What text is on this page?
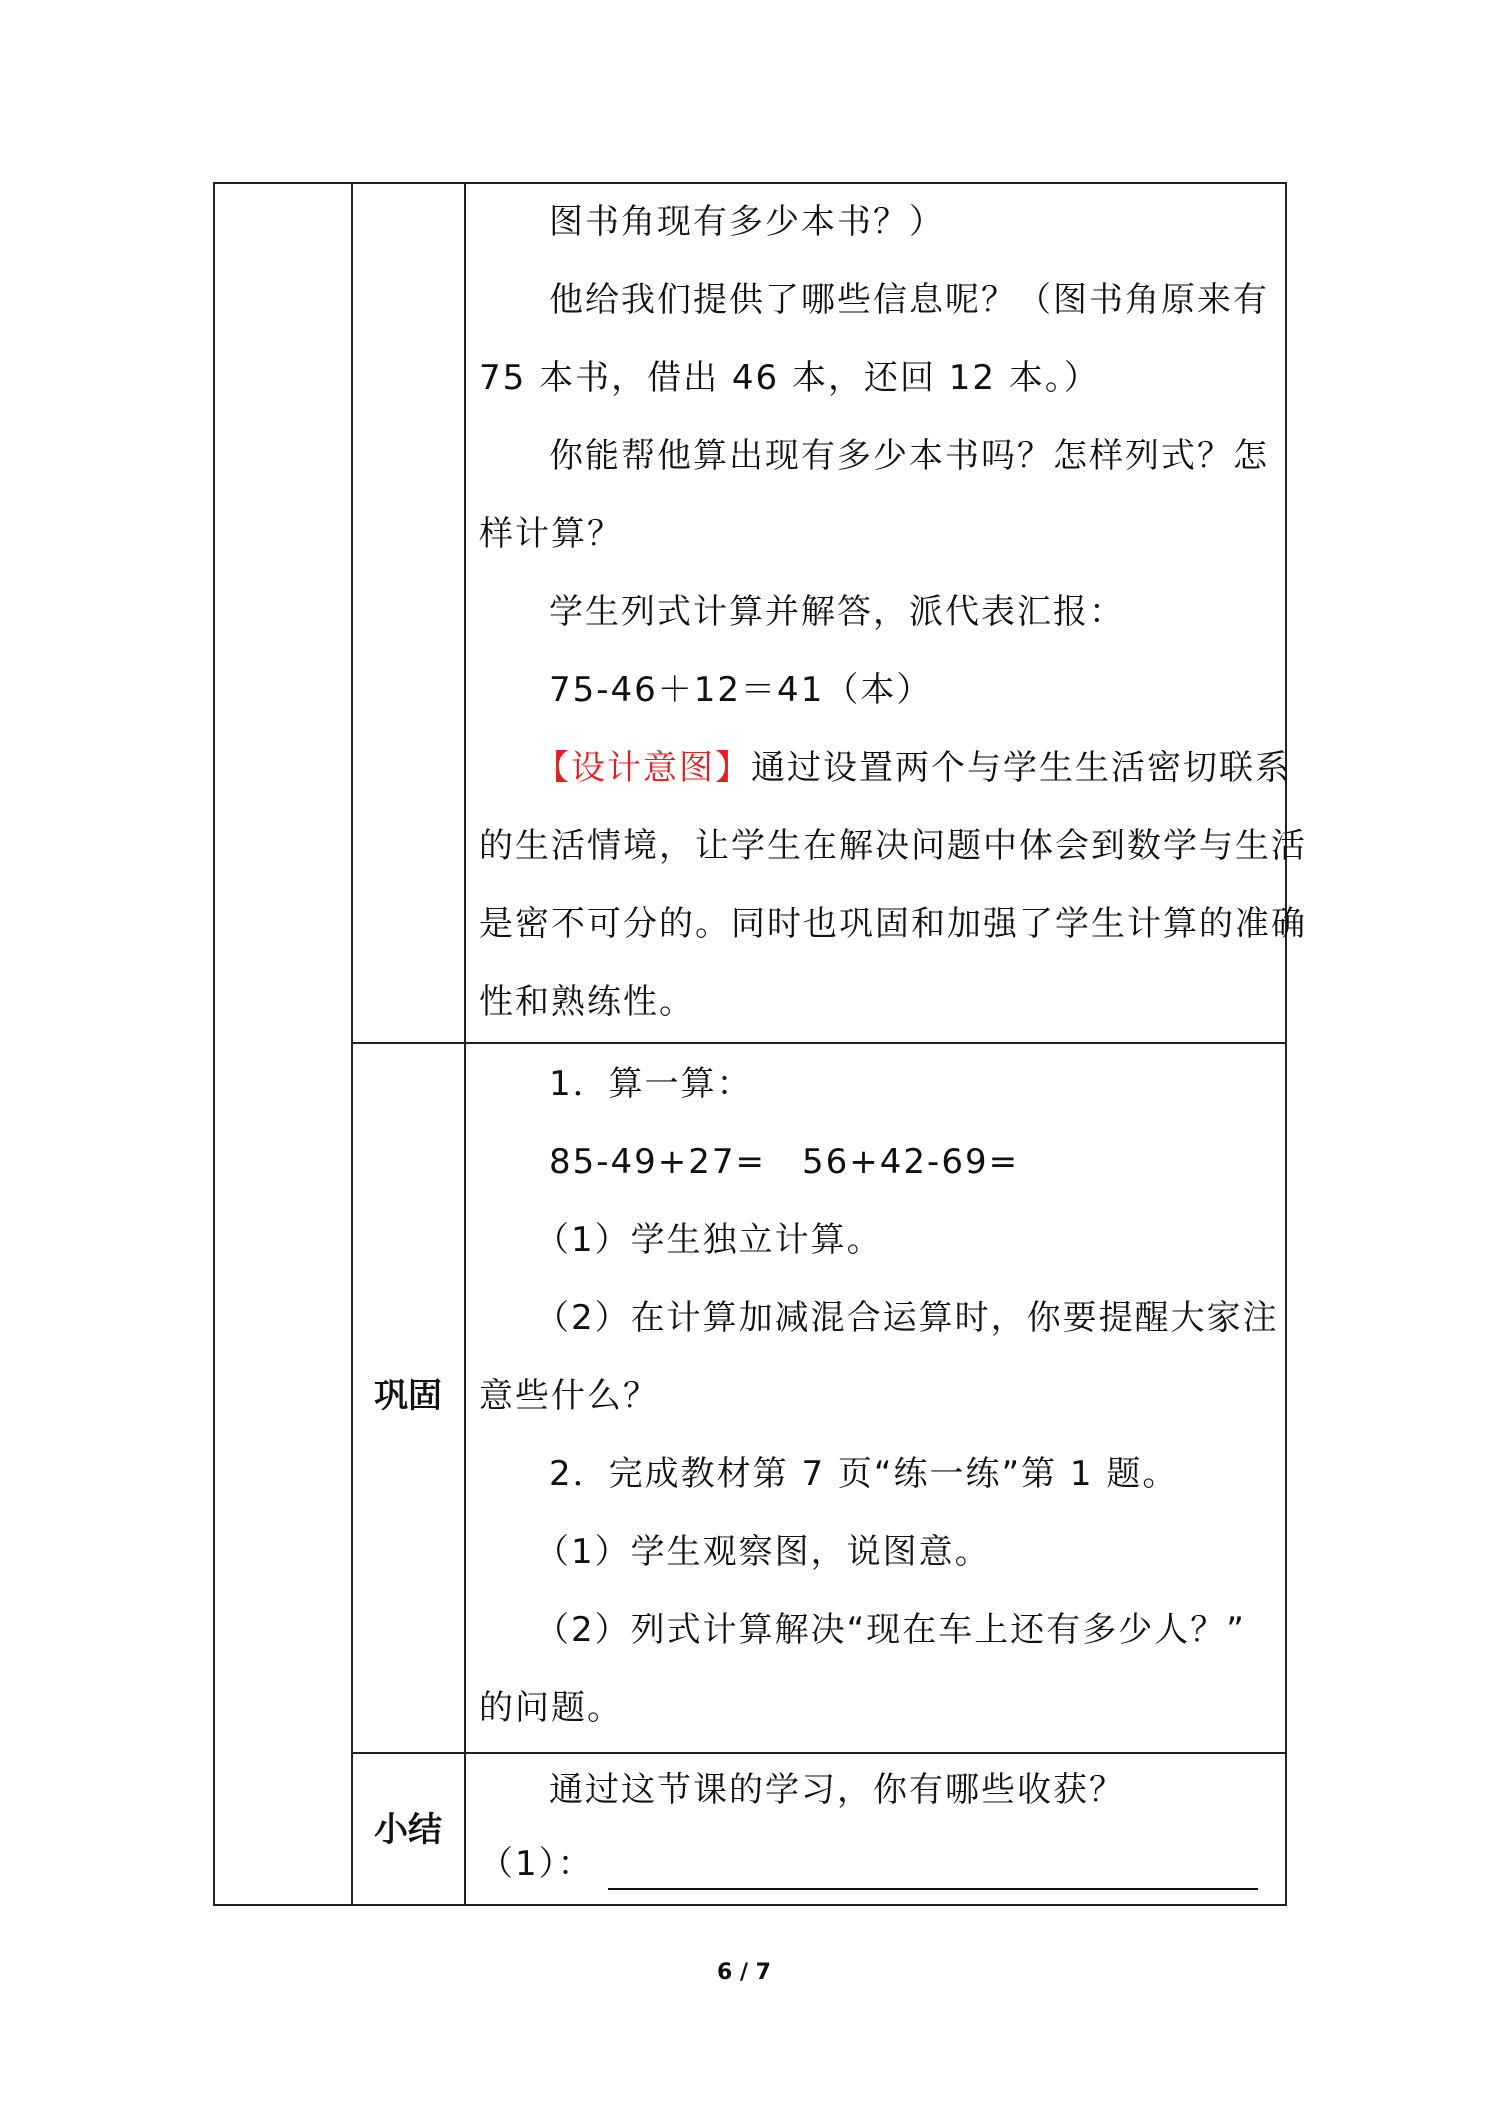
图书角现有多少本书？）
他给我们提供了哪些信息呢？（图书角原来有
75 本书，借出 46 本，还回 12 本。）
你能帮他算出现有多少本书吗？怎样列式？怎
样计算？
学生列式计算并解答，派代表汇报：
75-46＋12＝41（本）
【设计意图】通过设置两个与学生生活密切联系
的生活情境，让学生在解决问题中体会到数学与生活
是密不可分的。同时也巩固和加强了学生计算的准确
性和熟练性。
巩固
1．算一算：
85-49+27=　56+42-69=
（1）学生独立计算。
（2）在计算加减混合运算时，你要提醒大家注
意些什么？
2．完成教材第 7 页“练一练”第 1 题。
（1）学生观察图，说图意。
（2）列式计算解决“现在车上还有多少人？”
的问题。
小结
通过这节课的学习，你有哪些收获？
（1）：
6 / 7
